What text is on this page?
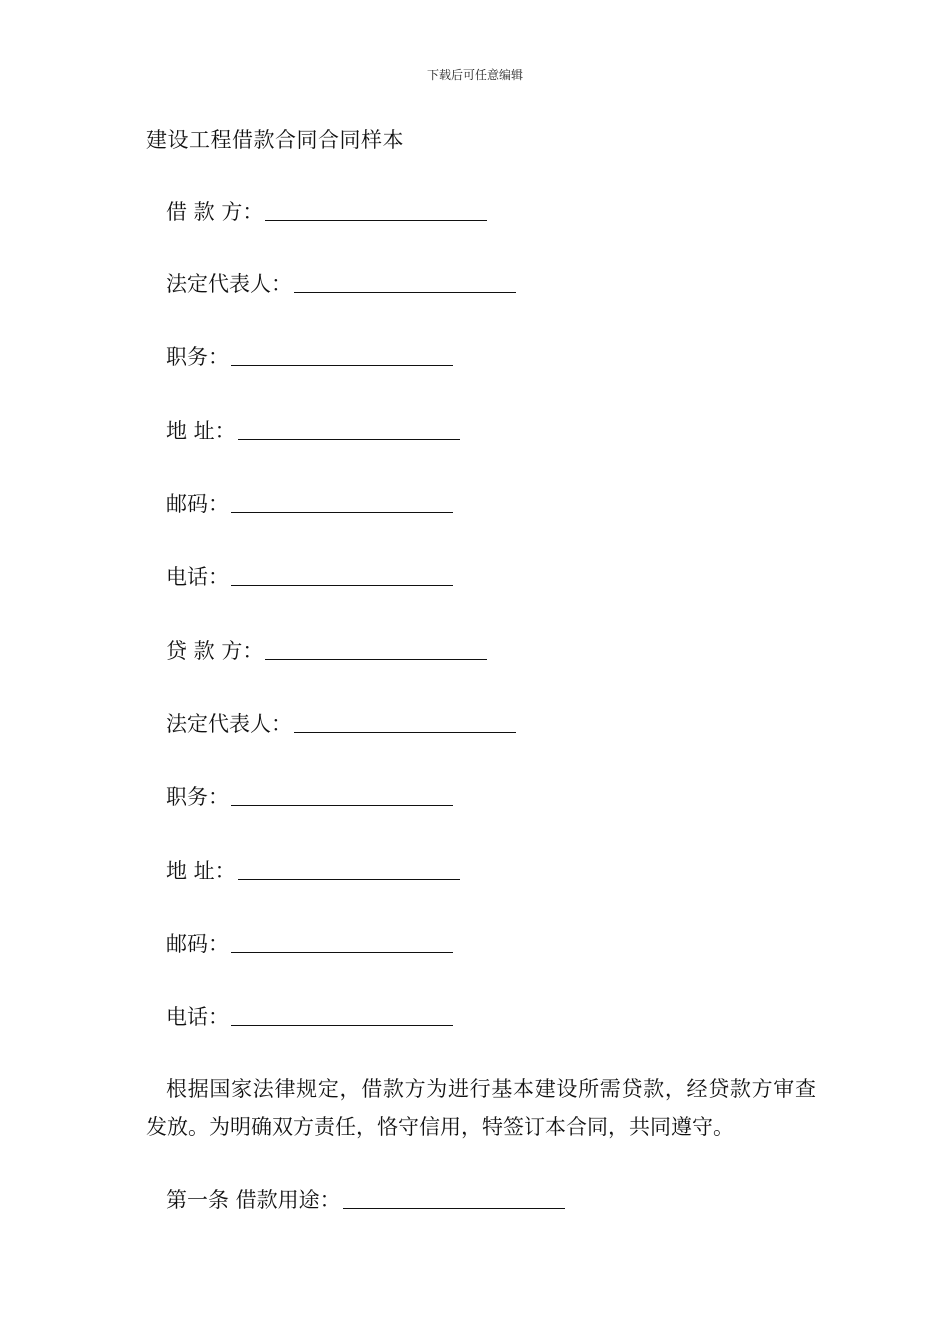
下载后可任意编辑
建设工程借款合同合同样本
借 款 方：
法定代表人：
职务：
地 址：
邮码：
电话：
贷 款 方：
法定代表人：
职务：
地 址：
邮码：
电话：
根据国家法律规定，借款方为进行基本建设所需贷款，经贷款方审查发放。为明确双方责任，恪守信用，特签订本合同，共同遵守。
第一条 借款用途：
